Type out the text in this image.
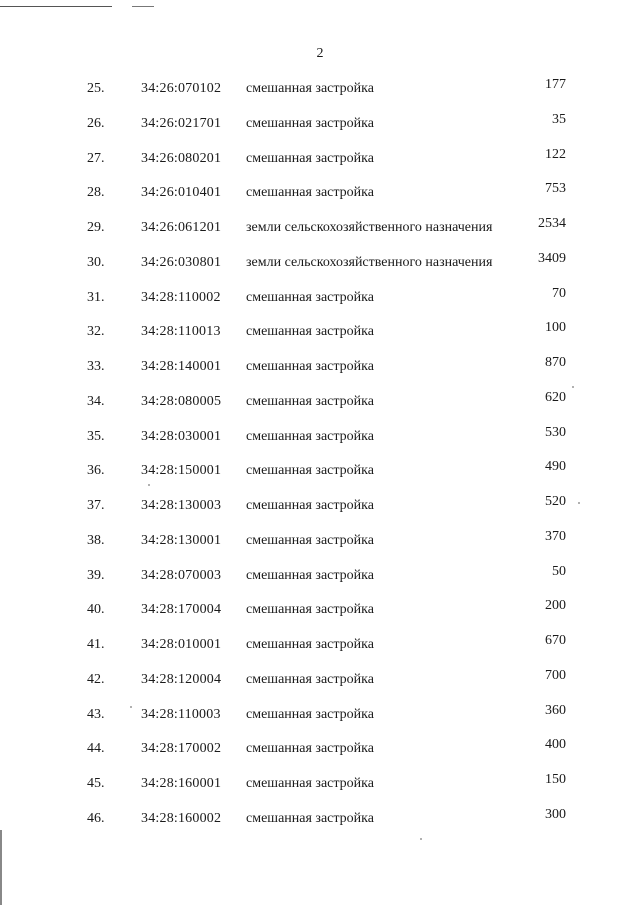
2
25.	34:26:070102 смешанная застройка	177
26.	34:26:021701 смешанная застройка	35
27.	34:26:080201 смешанная застройка	122
28.	34:26:010401 смешанная застройка	753
29.	34:26:061201 земли сельскохозяйственного назначения	2534
30.	34:26:030801 земли сельскохозяйственного назначения	3409
31.	34:28:110002 смешанная застройка	70
32.	34:28:110013 смешанная застройка	100
33.	34:28:140001 смешанная застройка	870
34.	34:28:080005 смешанная застройка	620
35.	34:28:030001 смешанная застройка	530
36.	34:28:150001 смешанная застройка	490
37.	34:28:130003 смешанная застройка	520
38.	34:28:130001 смешанная застройка	370
39.	34:28:070003 смешанная застройка	50
40.	34:28:170004 смешанная застройка	200
41.	34:28:010001 смешанная застройка	670
42.	34:28:120004 смешанная застройка	700
43.	34:28:110003 смешанная застройка	360
44.	34:28:170002 смешанная застройка	400
45.	34:28:160001 смешанная застройка	150
46.	34:28:160002 смешанная застройка	300
